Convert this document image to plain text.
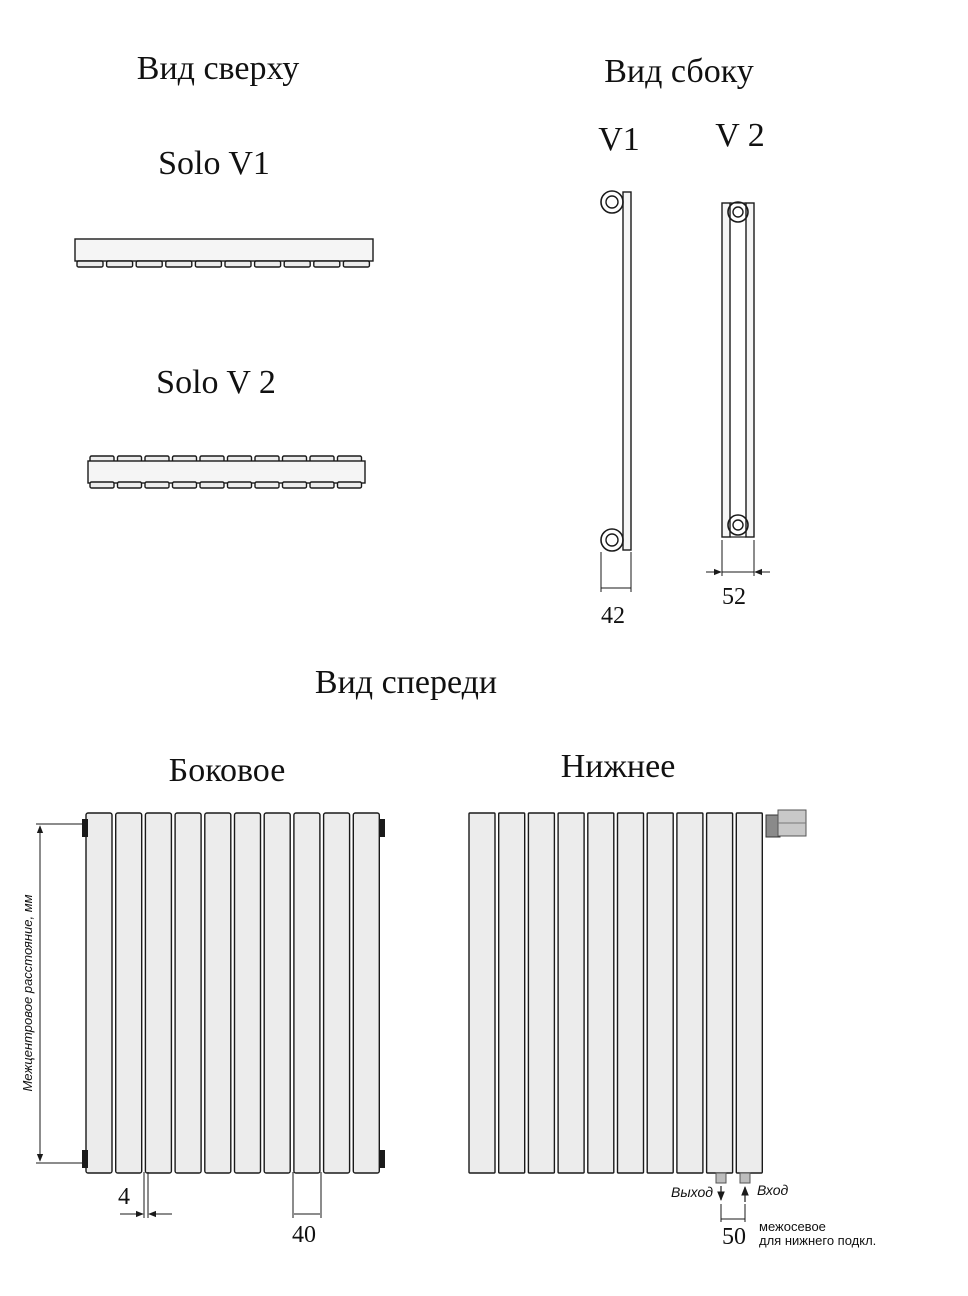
Вид сверху
Solo V1
Solo V 2
Вид сбоку
V1 V 2
42
52
Вид спереди
Боковое	Нижнее
Межцентровое расстояние, мм
4
40
Выход	Вход
50 межосевое
для нижнего подкл.
